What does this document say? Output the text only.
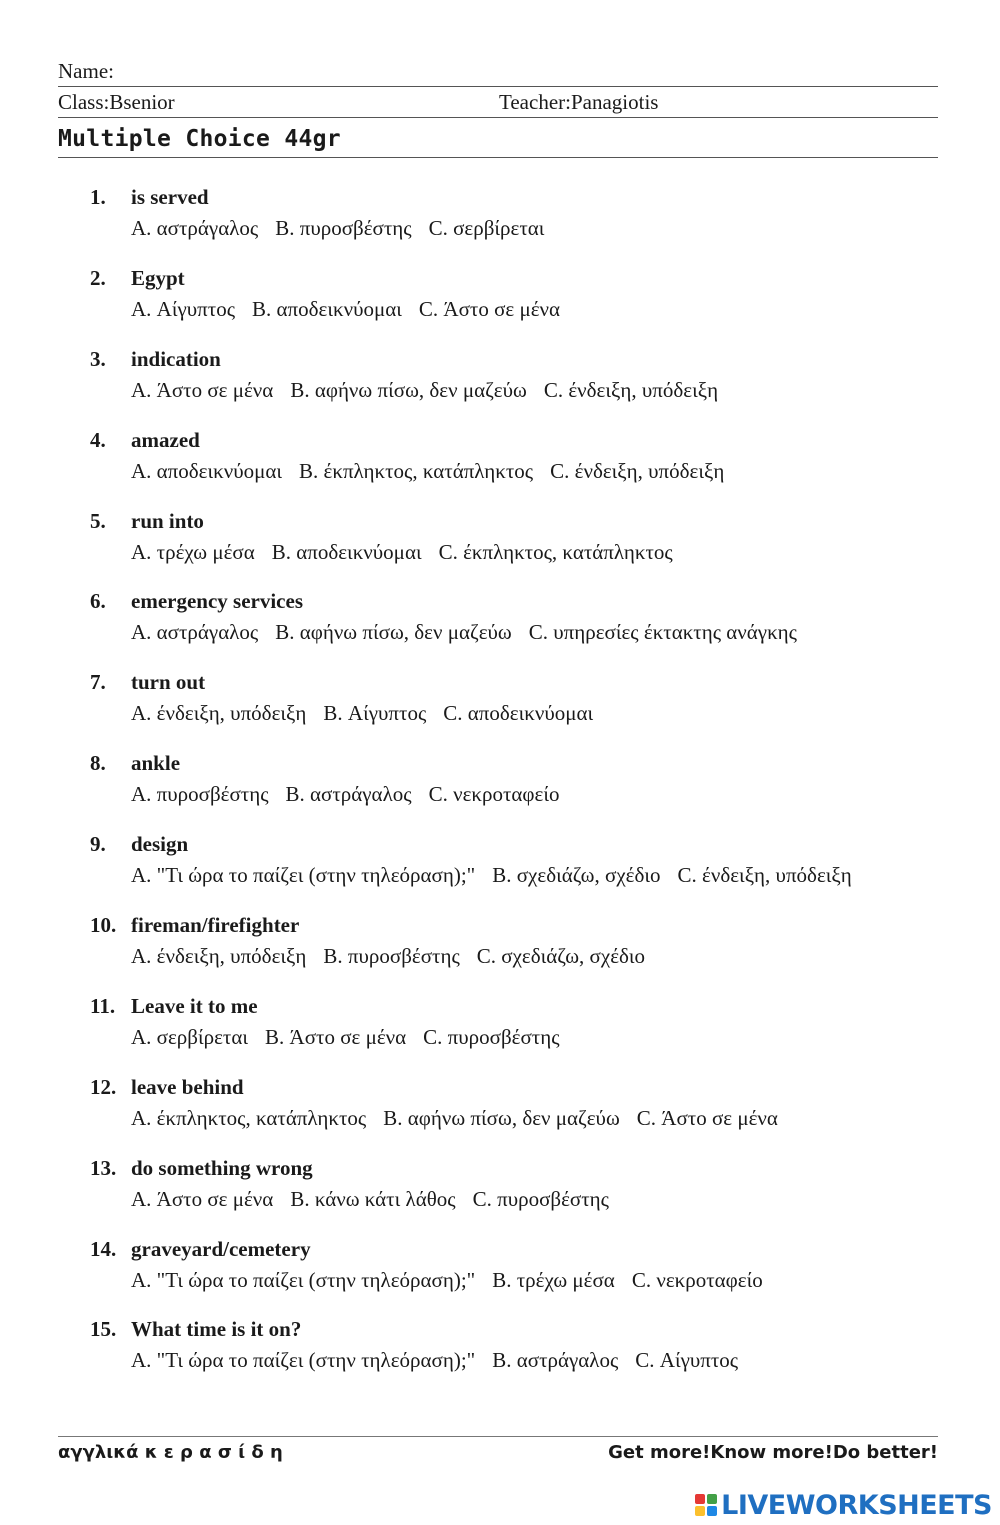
Name:
Class:Bsenior	Teacher:Panagiotis
Multiple Choice 44gr
1. is served
A. αστράγαλος B. πυροσβέστης C. σερβίρεται
2. Egypt
A. Αίγυπτος B. αποδεικνύομαι C. Άστο σε μένα
3. indication
A. Άστο σε μένα B. αφήνω πίσω, δεν μαζεύω C. ένδειξη, υπόδειξη
4. amazed
A. αποδεικνύομαι B. έκπληκτος, κατάπληκτος C. ένδειξη, υπόδειξη
5. run into
A. τρέχω μέσα B. αποδεικνύομαι C. έκπληκτος, κατάπληκτος
6. emergency services
A. αστράγαλος B. αφήνω πίσω, δεν μαζεύω C. υπηρεσίες έκτακτης ανάγκης
7. turn out
A. ένδειξη, υπόδειξη B. Αίγυπτος C. αποδεικνύομαι
8. ankle
A. πυροσβέστης B. αστράγαλος C. νεκροταφείο
9. design
A. "Τι ώρα το παίζει (στην τηλεόραση);" B. σχεδιάζω, σχέδιο C. ένδειξη, υπόδειξη
10. fireman/firefighter
A. ένδειξη, υπόδειξη B. πυροσβέστης C. σχεδιάζω, σχέδιο
11. Leave it to me
A. σερβίρεται B. Άστο σε μένα C. πυροσβέστης
12. leave behind
A. έκπληκτος, κατάπληκτος B. αφήνω πίσω, δεν μαζεύω C. Άστο σε μένα
13. do something wrong
A. Άστο σε μένα B. κάνω κάτι λάθος C. πυροσβέστης
14. graveyard/cemetery
A. "Τι ώρα το παίζει (στην τηλεόραση);" B. τρέχω μέσα C. νεκροταφείο
15. What time is it on?
A. "Τι ώρα το παίζει (στην τηλεόραση);" B. αστράγαλος C. Αίγυπτος
αγγλικά κ ε ρ α σ ί δ η	Get more!Know more!Do better!
LIVEWORKSHEETS
